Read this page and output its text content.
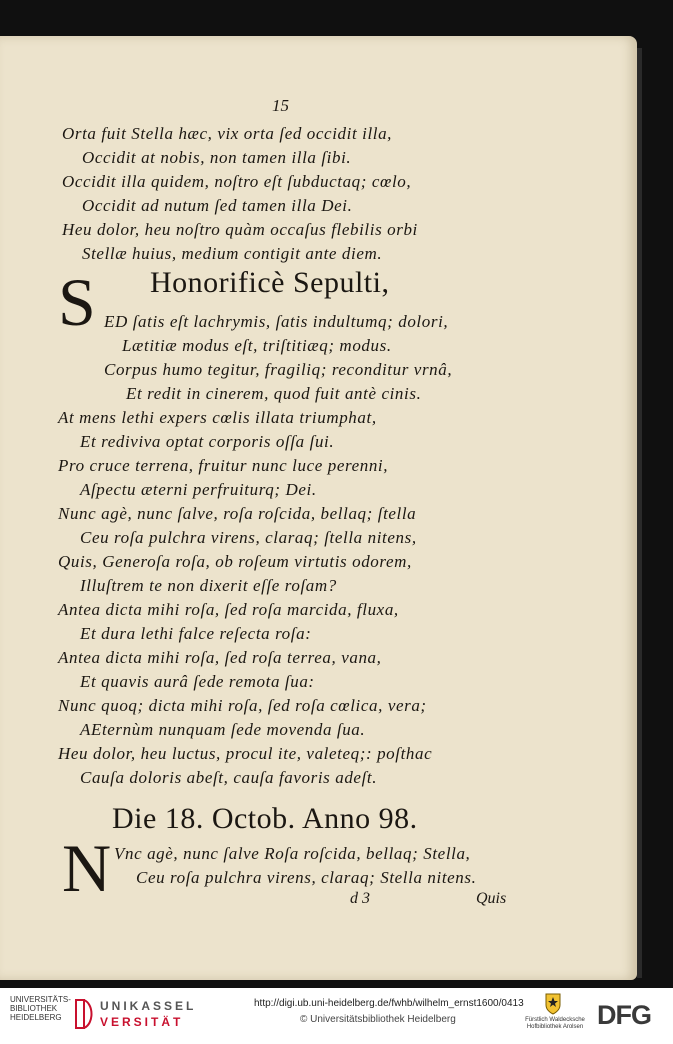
15
Orta fuit Stella hæc, vix orta ſed occidit illa,
Occidit at nobis, non tamen illa ſibi.
Occidit illa quidem, noſtro eſt ſubductaq; cœlo,
Occidit ad nutum ſed tamen illa Dei.
Heu dolor, heu noſtro quàm occaſus flebilis orbi
Stellæ huius, medium contigit ante diem.
Honorificè Sepulti,
S ED ſatis eſt lachrymis, ſatis indultumq; dolori,
Lætitiæ modus eſt, triſtitiæq; modus.
Corpus humo tegitur, fragiliq; reconditur vrnâ,
Et redit in cinerem, quod fuit antè cinis.
At mens lethi expers cœlis illata triumphat,
Et rediviva optat corporis oſſa ſui.
Pro cruce terrena, fruitur nunc luce perenni,
Aſpectu æterni perfruiturq; Dei.
Nunc agè, nunc ſalve, roſa roſcida, bellaq; ſtella
Ceu roſa pulchra virens, claraq; ſtella nitens,
Quis, Generoſa roſa, ob roſeum virtutis odorem,
Illuſtrem te non dixerit eſſe roſam?
Antea dicta mihi roſa, ſed roſa marcida, fluxa,
Et dura lethi falce reſecta roſa:
Antea dicta mihi roſa, ſed roſa terrea, vana,
Et quavis aurâ ſede remota ſua:
Nunc quoq; dicta mihi roſa, ſed roſa cœlica, vera;
AEternùm nunquam ſede movenda ſua.
Heu dolor, heu luctus, procul ite, valeteq;: poſthac
Cauſa doloris abeſt, cauſa favoris adeſt.
Die 18. Octob. Anno 98.
N Vnc agè, nunc ſalve Roſa roſcida, bellaq; Stella,
Ceu roſa pulchra virens, claraq; Stella nitens.
d 3	Quis
UNIVERSITÄTS-
BIBLIOTHEK
HEIDELBERG
UNIKASSEL
VERSITÄT
http://digi.ub.uni-heidelberg.de/fwhb/wilhelm_ernst1600/0413
© Universitätsbibliothek Heidelberg	Fürstlich Waldecksche
Hofbibliothek Arolsen DFG
